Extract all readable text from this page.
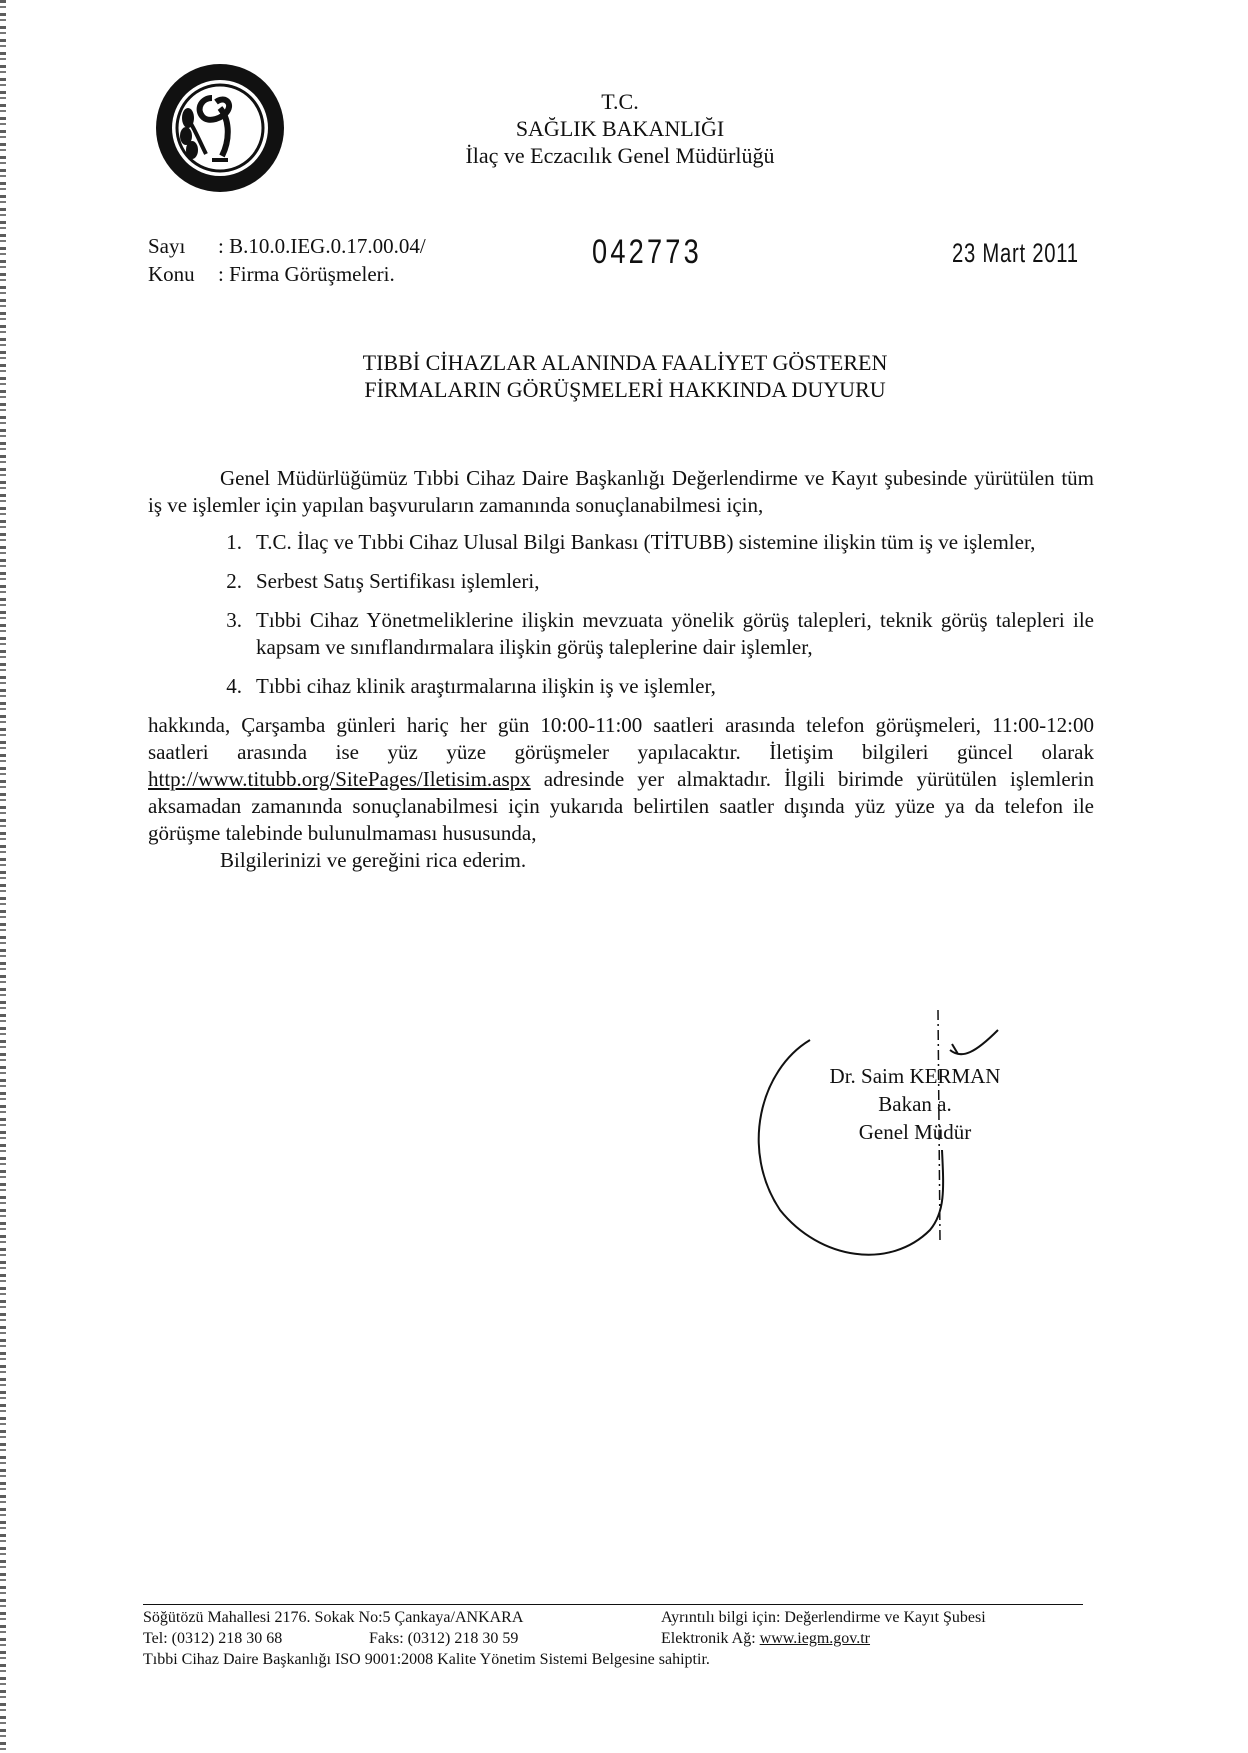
T.C.
SAĞLIK BAKANLIĞI
İlaç ve Eczacılık Genel Müdürlüğü
Sayı	: B.10.0.IEG.0.17.00.04/
Konu	: Firma Görüşmeleri.
042773	23 Mart 2011
TIBBİ CİHAZLAR ALANINDA FAALİYET GÖSTEREN
FİRMALARIN GÖRÜŞMELERİ HAKKINDA DUYURU

Genel Müdürlüğümüz Tıbbi Cihaz Daire Başkanlığı Değerlendirme ve Kayıt şubesinde yürütülen tüm iş ve işlemler için yapılan başvuruların zamanında sonuçlanabilmesi için,

1. T.C. İlaç ve Tıbbi Cihaz Ulusal Bilgi Bankası (TİTUBB) sistemine ilişkin tüm iş ve işlemler,
2. Serbest Satış Sertifikası işlemleri,
3. Tıbbi Cihaz Yönetmeliklerine ilişkin mevzuata yönelik görüş talepleri, teknik görüş talepleri ile kapsam ve sınıflandırmalara ilişkin görüş taleplerine dair işlemler,
4. Tıbbi cihaz klinik araştırmalarına ilişkin iş ve işlemler,

hakkında, Çarşamba günleri hariç her gün 10:00-11:00 saatleri arasında telefon görüşmeleri, 11:00-12:00 saatleri arasında ise yüz yüze görüşmeler yapılacaktır. İletişim bilgileri güncel olarak http://www.titubb.org/SitePages/Iletisim.aspx adresinde yer almaktadır. İlgili birimde yürütülen işlemlerin aksamadan zamanında sonuçlanabilmesi için yukarıda belirtilen saatler dışında yüz yüze ya da telefon ile görüşme talebinde bulunulmaması hususunda,

Bilgilerinizi ve gereğini rica ederim.

Dr. Saim KERMAN
Bakan a.
Genel Müdür
Söğütözü Mahallesi 2176. Sokak No:5 Çankaya/ANKARA
Tel: (0312) 218 30 68	Faks: (0312) 218 30 59
Ayrıntılı bilgi için: Değerlendirme ve Kayıt Şubesi
Elektronik Ağ: www.iegm.gov.tr
Tıbbi Cihaz Daire Başkanlığı ISO 9001:2008 Kalite Yönetim Sistemi Belgesine sahiptir.
